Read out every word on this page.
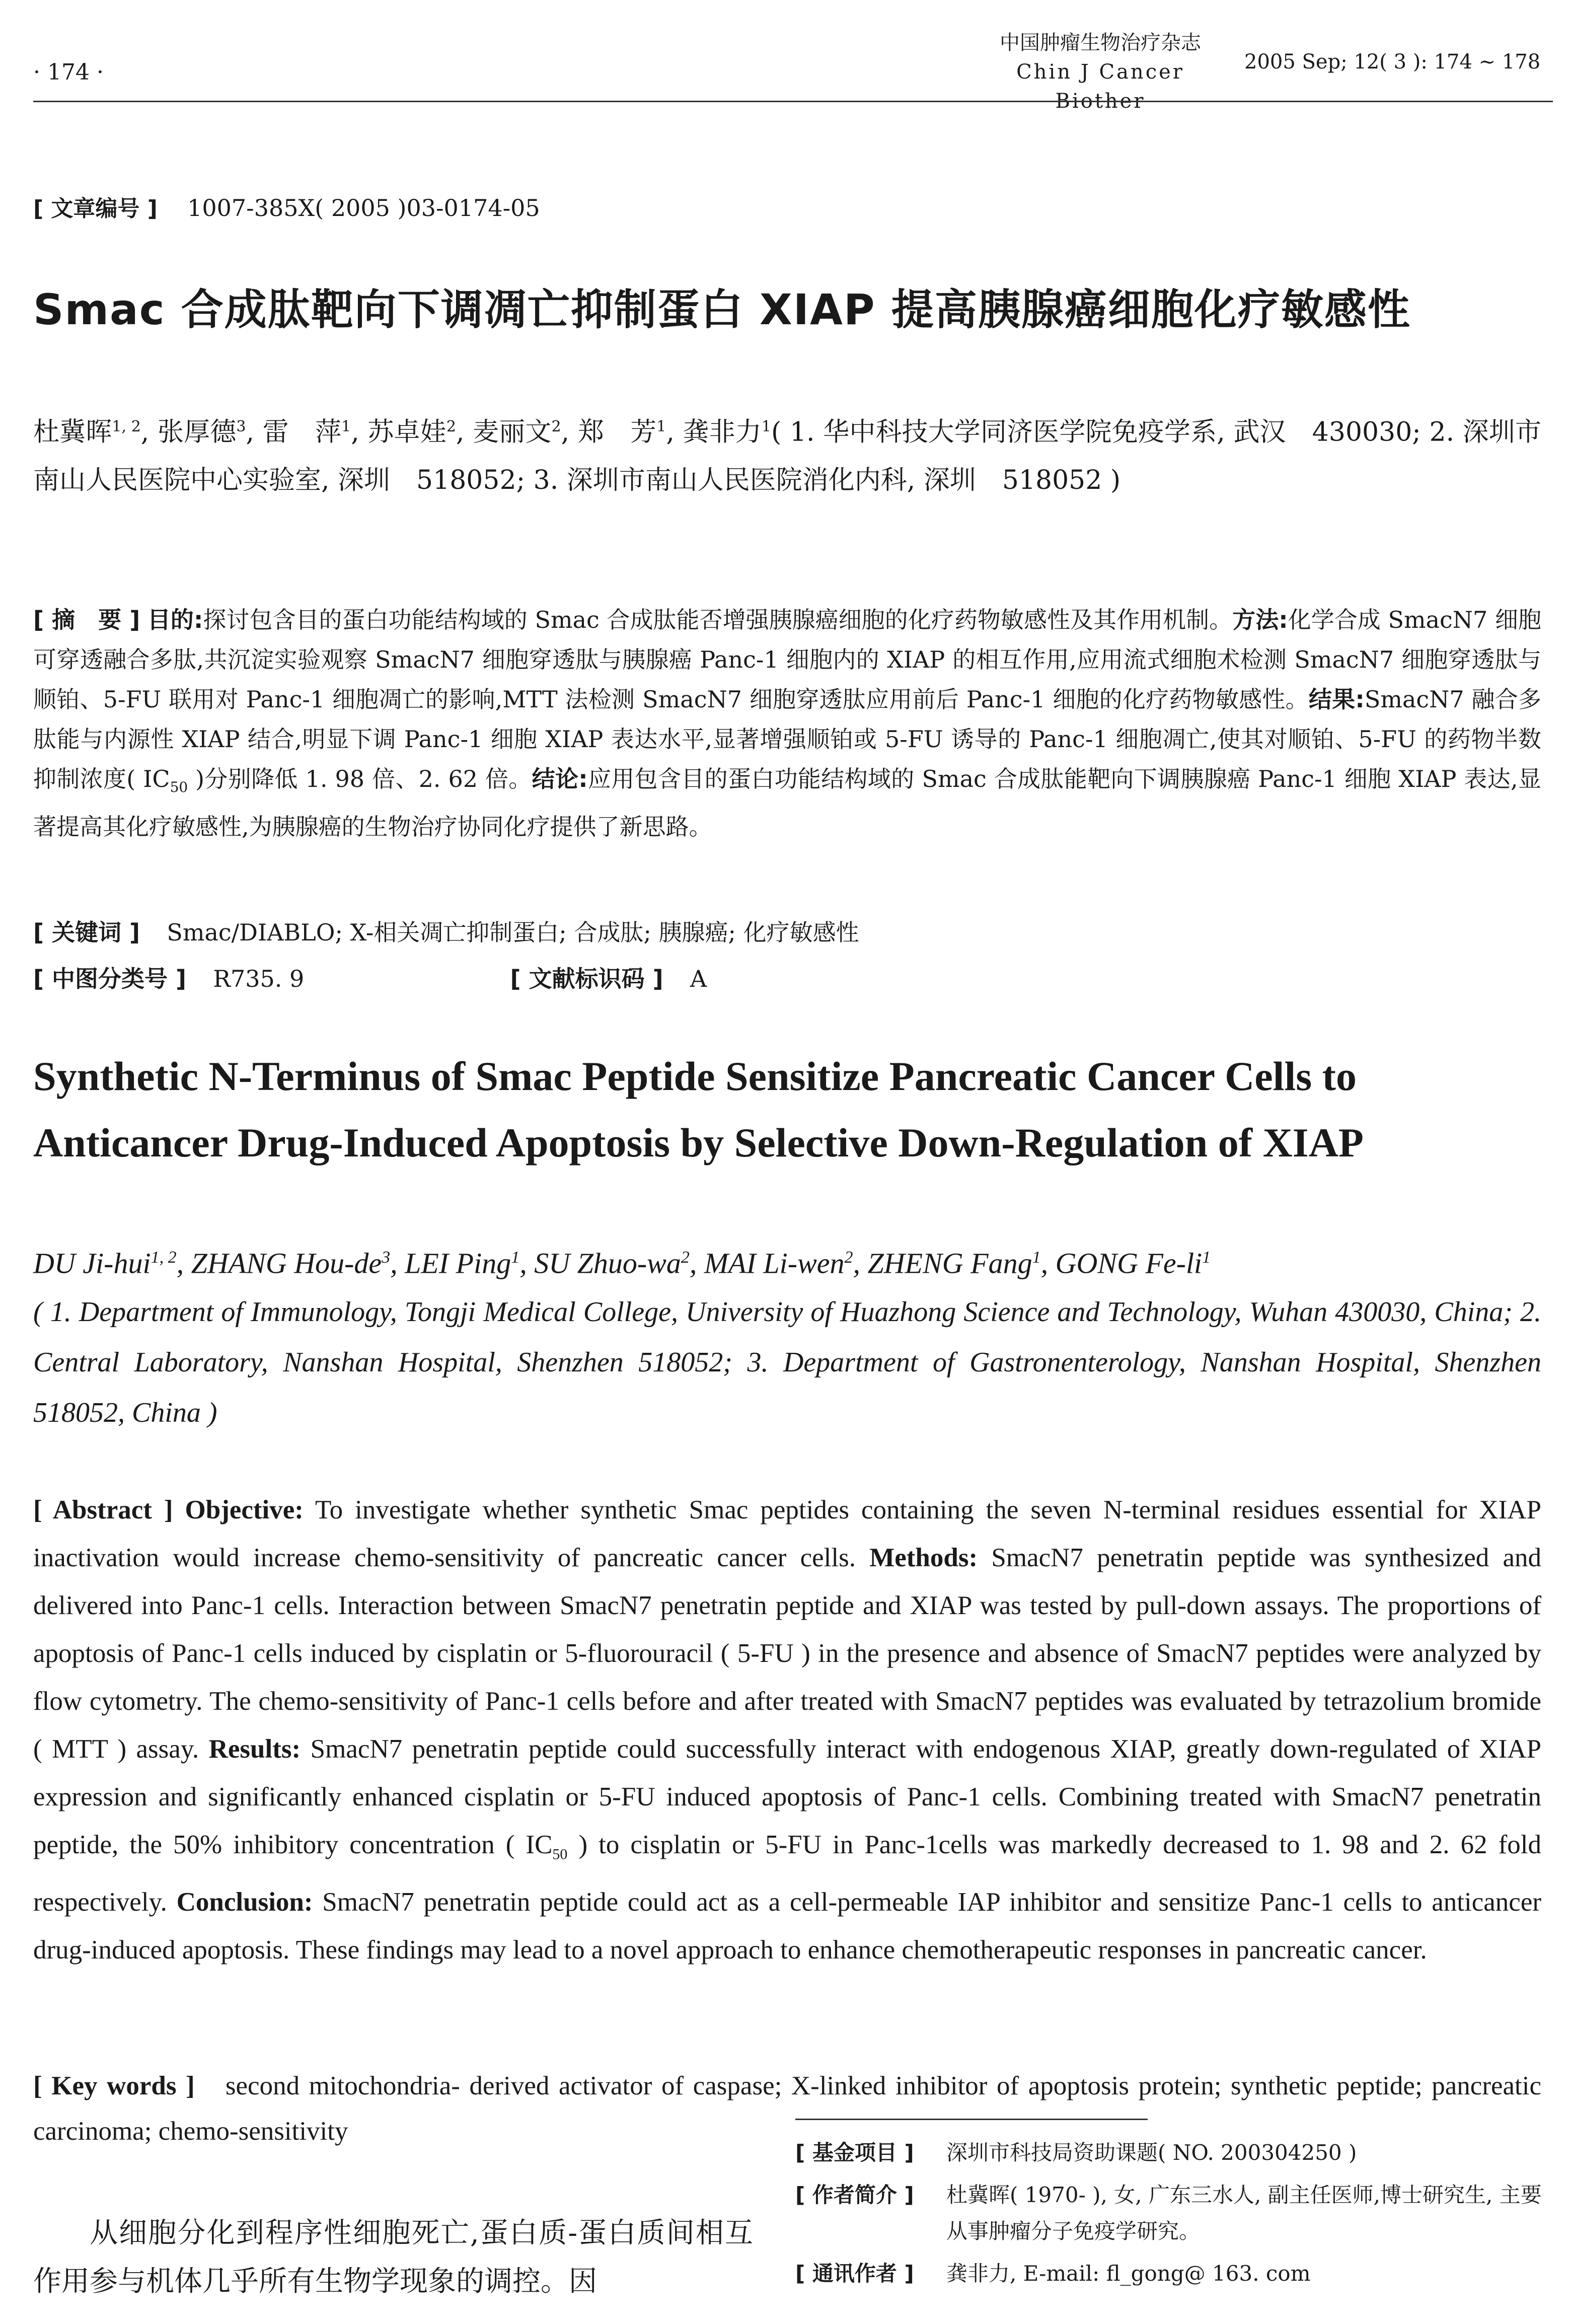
· 174 ·
中国肿瘤生物治疗杂志
Chin J Cancer Biother
2005 Sep; 12( 3 ): 174 ~ 178
[ 文章编号 ] 1007-385X( 2005 )03-0174-05
Smac 合成肽靶向下调凋亡抑制蛋白 XIAP 提高胰腺癌细胞化疗敏感性
杜冀晖$^{1, 2}$, 张厚德$^3$, 雷　萍$^1$, 苏卓娃$^2$, 麦丽文$^2$, 郑　芳$^1$, 龚非力$^1$( 1. 华中科技大学同济医学院免疫学系, 武汉　430030; 2. 深圳市南山人民医院中心实验室, 深圳　518052; 3. 深圳市南山人民医院消化内科, 深圳　518052 )
[ 摘　要 ] 目的:探讨包含目的蛋白功能结构域的 Smac 合成肽能否增强胰腺癌细胞的化疗药物敏感性及其作用机制。方法:化学合成 SmacN7 细胞可穿透融合多肽,共沉淀实验观察 SmacN7 细胞穿透肽与胰腺癌 Panc-1 细胞内的 XIAP 的相互作用,应用流式细胞术检测 SmacN7 细胞穿透肽与顺铂、5-FU 联用对 Panc-1 细胞凋亡的影响,MTT 法检测 SmacN7 细胞穿透肽应用前后 Panc-1 细胞的化疗药物敏感性。结果:SmacN7 融合多肽能与内源性 XIAP 结合,明显下调 Panc-1 细胞 XIAP 表达水平,显著增强顺铂或 5-FU 诱导的 Panc-1 细胞凋亡,使其对顺铂、5-FU 的药物半数抑制浓度( $IC_{50}$ )分别降低 1. 98 倍、2. 62 倍。结论:应用包含目的蛋白功能结构域的 Smac 合成肽能靶向下调胰腺癌 Panc-1 细胞 XIAP 表达,显著提高其化疗敏感性,为胰腺癌的生物治疗协同化疗提供了新思路。
[ 关键词 ] Smac/DIABLO; X-相关凋亡抑制蛋白; 合成肽; 胰腺癌; 化疗敏感性
[ 中图分类号 ] R735. 9	[ 文献标识码 ] A
Synthetic N-Terminus of Smac Peptide Sensitize Pancreatic Cancer Cells to Anticancer Drug-Induced Apoptosis by Selective Down-Regulation of XIAP
DU Ji-hui$^{1, 2}$, ZHANG Hou-$de^3$, LEI Ping$^1$, SU Zhuo-$wa^2$, MAI Li-wen$^2$, ZHENG Fang$^1$, GONG $Fe-li^1$
( 1. Department of Immunology, Tongji Medical College, University of Huazhong Science and Technology, Wuhan 430030, China; 2. Central Laboratory, Nanshan Hospital, Shenzhen 518052; 3. Department of Gastronenterology, Nanshan Hospital, Shenzhen 518052, China )
[ Abstract ] Objective: To investigate whether synthetic Smac peptides containing the seven N-terminal residues essential for XIAP inactivation would increase chemo-sensitivity of pancreatic cancer cells. Methods: SmacN7 penetratin peptide was synthesized and delivered into Panc-1 cells. Interaction between SmacN7 penetratin peptide and XIAP was tested by pull-down assays. The proportions of apoptosis of Panc-1 cells induced by cisplatin or 5-fluorouracil ( 5-FU ) in the presence and absence of SmacN7 peptides were analyzed by flow cytometry. The chemo-sensitivity of Panc-1 cells before and after treated with SmacN7 peptides was evaluated by tetrazolium bromide ( MTT ) assay. Results: SmacN7 penetratin peptide could successfully interact with endogenous XIAP, greatly down-regulated of XIAP expression and significantly enhanced cisplatin or 5-FU induced apoptosis of Panc-1 cells. Combining treated with SmacN7 penetratin peptide, the 50% inhibitory concentration ( $IC_{50}$ ) to cisplatin or 5-FU in Panc-1cells was markedly decreased to 1. 98 and 2. 62 fold respectively. Conclusion: SmacN7 penetratin peptide could act as a cell-permeable IAP inhibitor and sensitize Panc-1 cells to anticancer drug-induced apoptosis. These findings may lead to a novel approach to enhance chemotherapeutic responses in pancreatic cancer.
[ Key words ] second mitochondria- derived activator of caspase; X-linked inhibitor of apoptosis protein; synthetic peptide; pancreatic carcinoma; chemo-sensitivity
从细胞分化到程序性细胞死亡,蛋白质-蛋白质间相互作用参与机体几乎所有生物学现象的调控。因
[ 基金项目 ]	深圳市科技局资助课题( NO. 200304250 )
[ 作者简介 ]	杜冀晖( 1970- ), 女, 广东三水人, 副主任医师,博士研究生, 主要从事肿瘤分子免疫学研究。
[ 通讯作者 ]	龚非力, E-mail: fl_gong@ 163. com
